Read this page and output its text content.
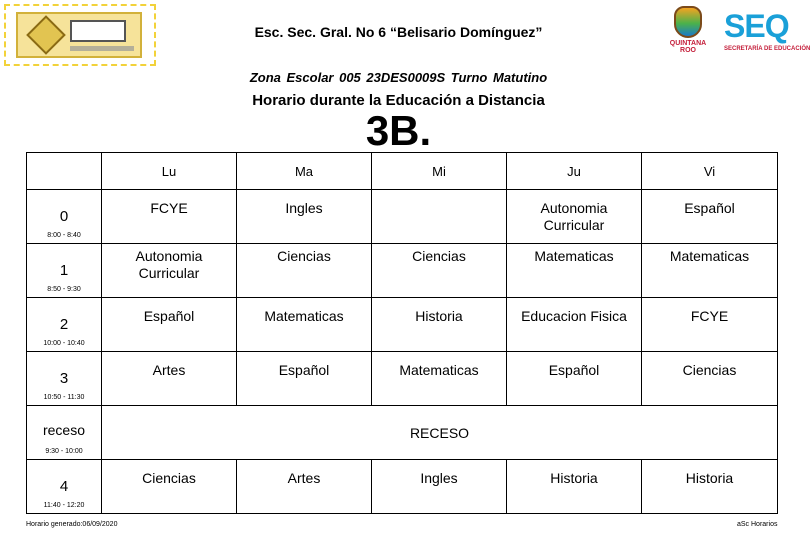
QUINTANA ROO
SEQ
SECRETARÍA DE EDUCACIÓN
Esc. Sec. Gral. No 6 “Belisario Domínguez”
Zona Escolar 005 23DES0009S Turno Matutino
Horario durante la Educación a Distancia
3B.
	Lu	Ma	Mi	Ju	Vi

0
8:00 - 8:40	FCYE	Ingles		Autonomia Curricular	Español

1
8:50 - 9:30	Autonomia Curricular	Ciencias	Ciencias	Matematicas	Matematicas

2
10:00 - 10:40	Español	Matematicas	Historia	Educacion Fisica	FCYE

3
10:50 - 11:30	Artes	Español	Matematicas	Español	Ciencias

receso
9:30 - 10:00	RECESO				

4
11:40 - 12:20	Ciencias	Artes	Ingles	Historia	Historia
Horario generado:06/09/2020	aSc Horarios
